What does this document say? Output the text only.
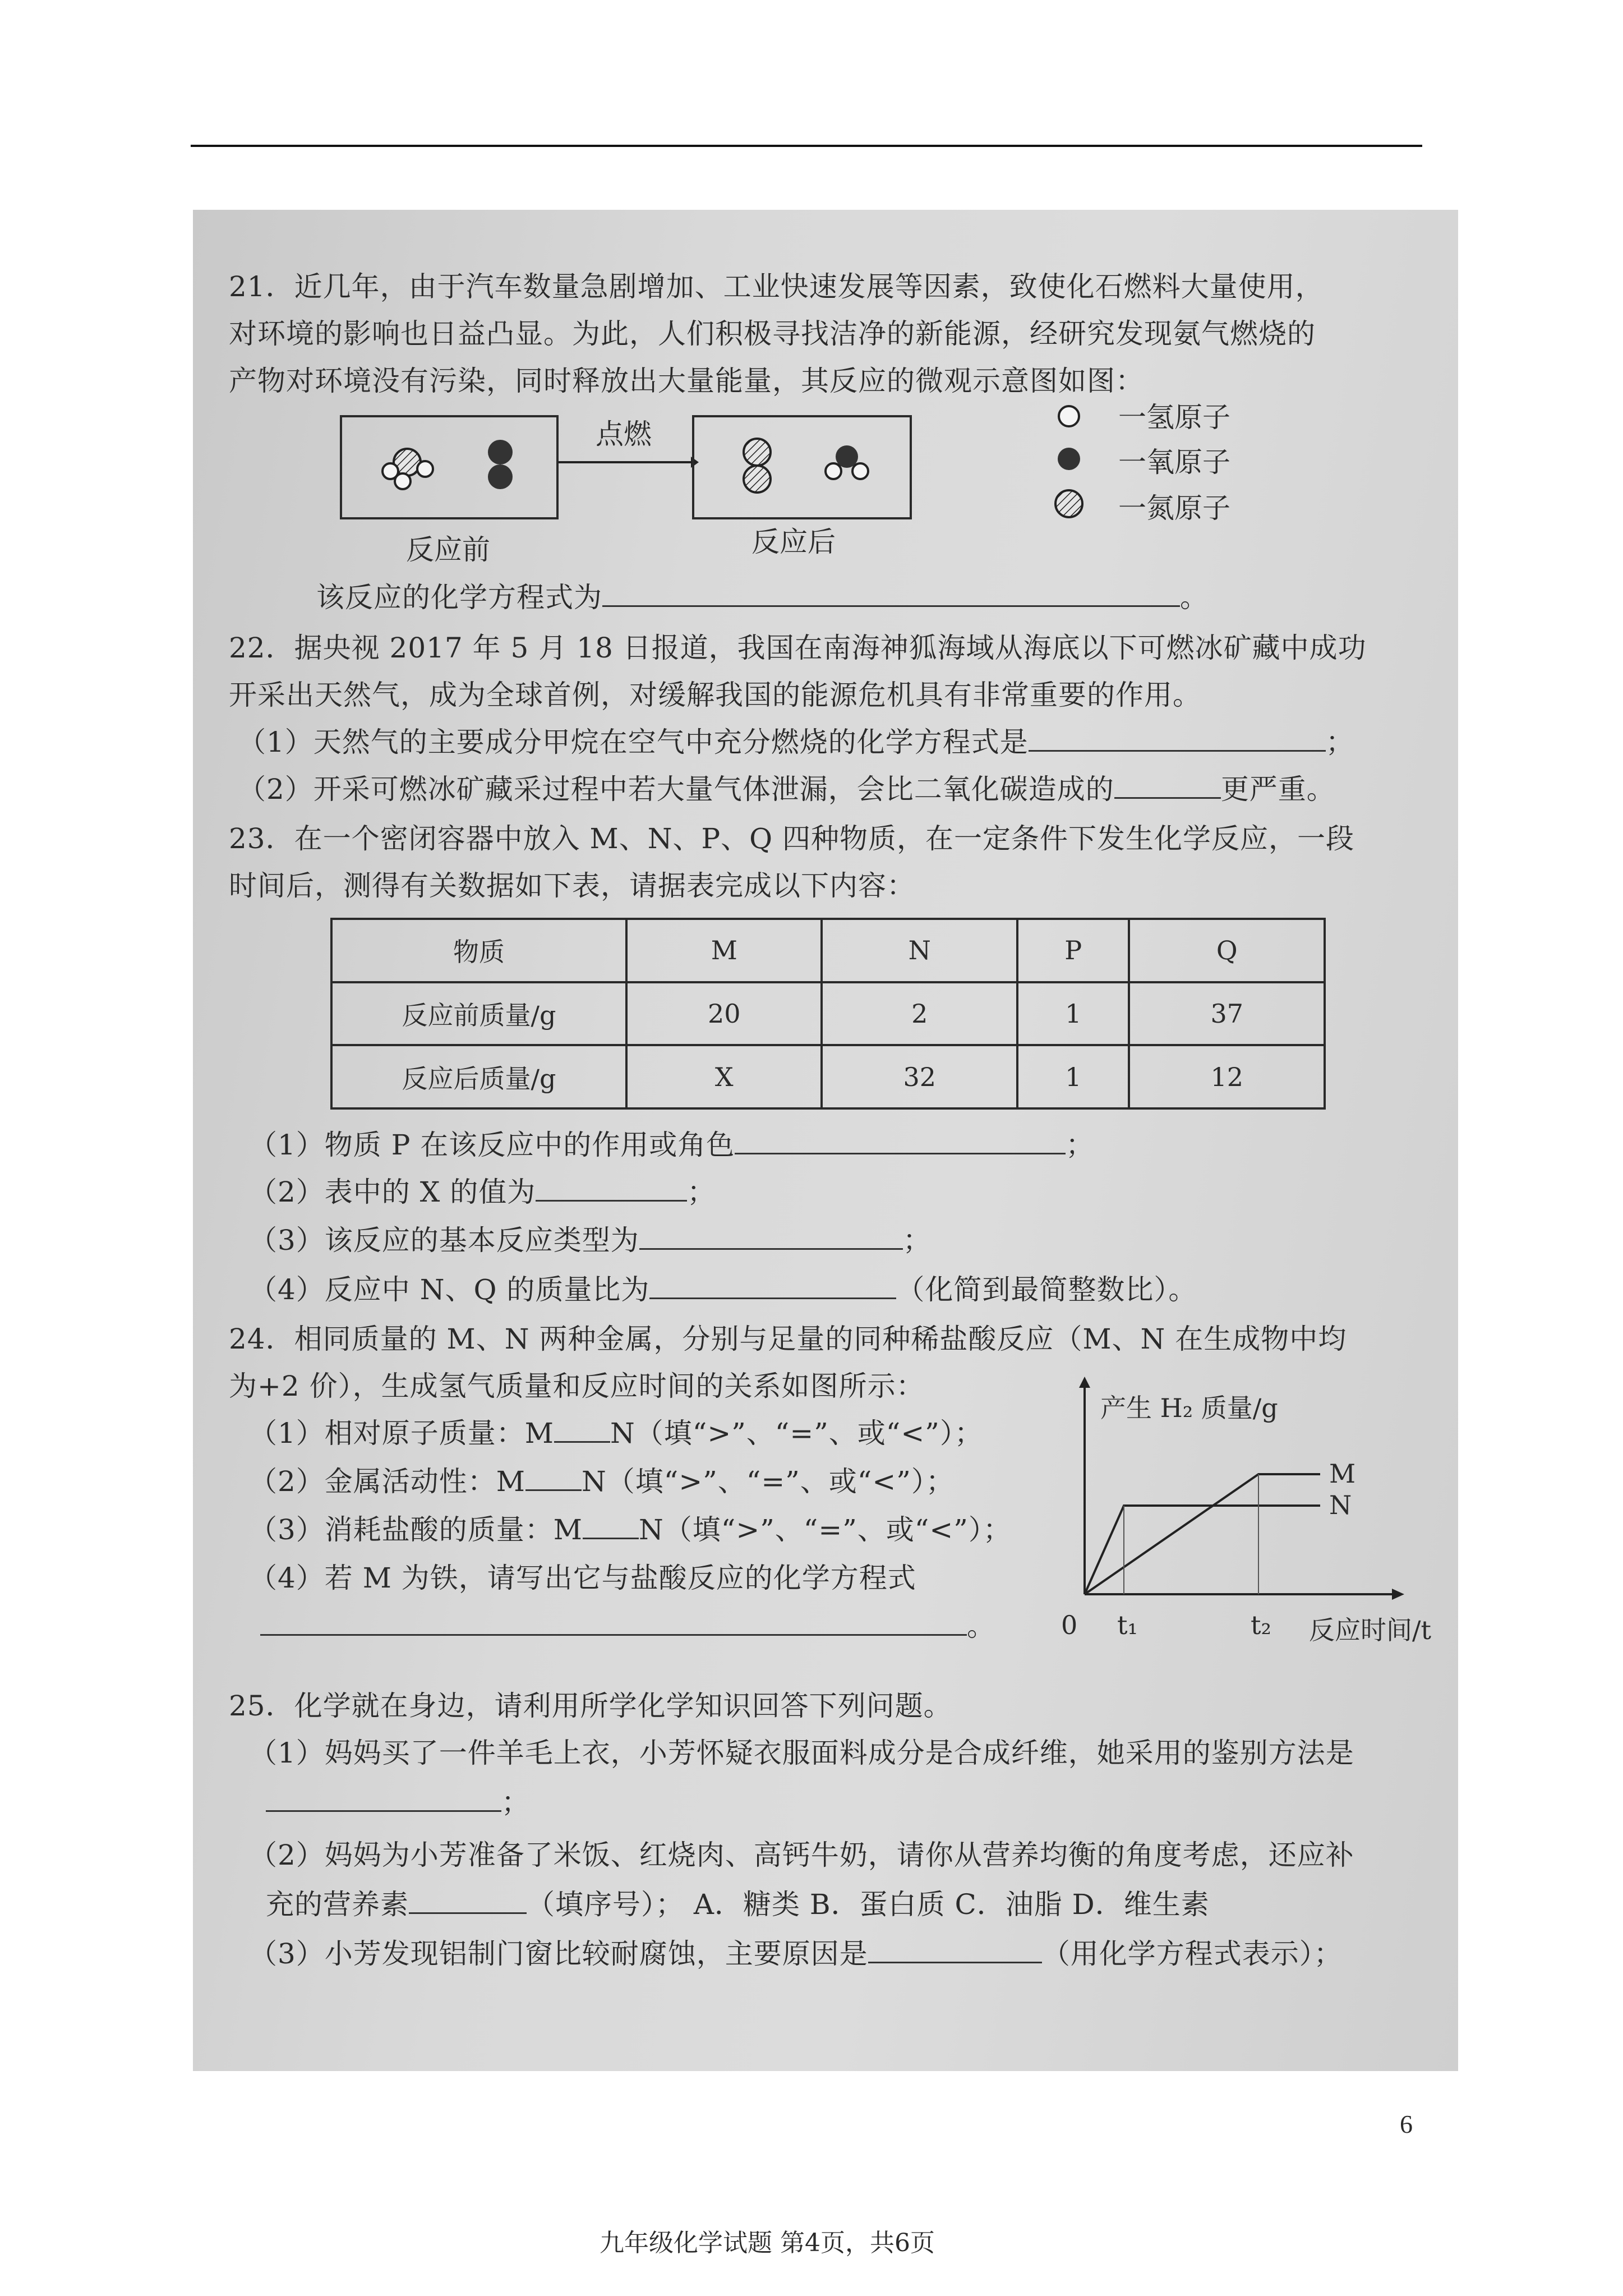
21．近几年，由于汽车数量急剧增加、工业快速发展等因素，致使化石燃料大量使用，
对环境的影响也日益凸显。为此，人们积极寻找洁净的新能源，经研究发现氨气燃烧的
产物对环境没有污染，同时释放出大量能量，其反应的微观示意图如图：
点燃
反应前	反应后
一氢原子
一氧原子
一氮原子
该反应的化学方程式为	。
22．据央视 2017 年 5 月 18 日报道，我国在南海神狐海域从海底以下可燃冰矿藏中成功
开采出天然气，成为全球首例，对缓解我国的能源危机具有非常重要的作用。
（1）天然气的主要成分甲烷在空气中充分燃烧的化学方程式是	；
（2）开采可燃冰矿藏采过程中若大量气体泄漏，会比二氧化碳造成的	更严重。
23．在一个密闭容器中放入 M、N、P、Q 四种物质，在一定条件下发生化学反应，一段
时间后，测得有关数据如下表，请据表完成以下内容：
物质	M	N	P	Q
反应前质量/g	20	2	1	37
反应后质量/g	X	32	1	12
（1）物质 P 在该反应中的作用或角色	；
（2）表中的 X 的值为	；
（3）该反应的基本反应类型为	；
（4）反应中 N、Q 的质量比为	（化简到最简整数比）。
24．相同质量的 M、N 两种金属，分别与足量的同种稀盐酸反应（M、N 在生成物中均
为+2 价），生成氢气质量和反应时间的关系如图所示：
（1）相对原子质量：M N（填“>”、“=”、或“<”）；
（2）金属活动性：M N（填“>”、“=”、或“<”）；
（3）消耗盐酸的质量：M N（填“>”、“=”、或“<”）；
（4）若 M 为铁，请写出它与盐酸反应的化学方程式
。
产生 H₂ 质量/g
M
N
0 t₁	t₂ 反应时间/t
25．化学就在身边，请利用所学化学知识回答下列问题。
（1）妈妈买了一件羊毛上衣，小芳怀疑衣服面料成分是合成纤维，她采用的鉴别方法是
；
（2）妈妈为小芳准备了米饭、红烧肉、高钙牛奶，请你从营养均衡的角度考虑，还应补
充的营养素	（填序号）； A．糖类 B．蛋白质 C．油脂 D．维生素
（3）小芳发现铝制门窗比较耐腐蚀，主要原因是	（用化学方程式表示）；
九年级化学试题 第4页，共6页
6
